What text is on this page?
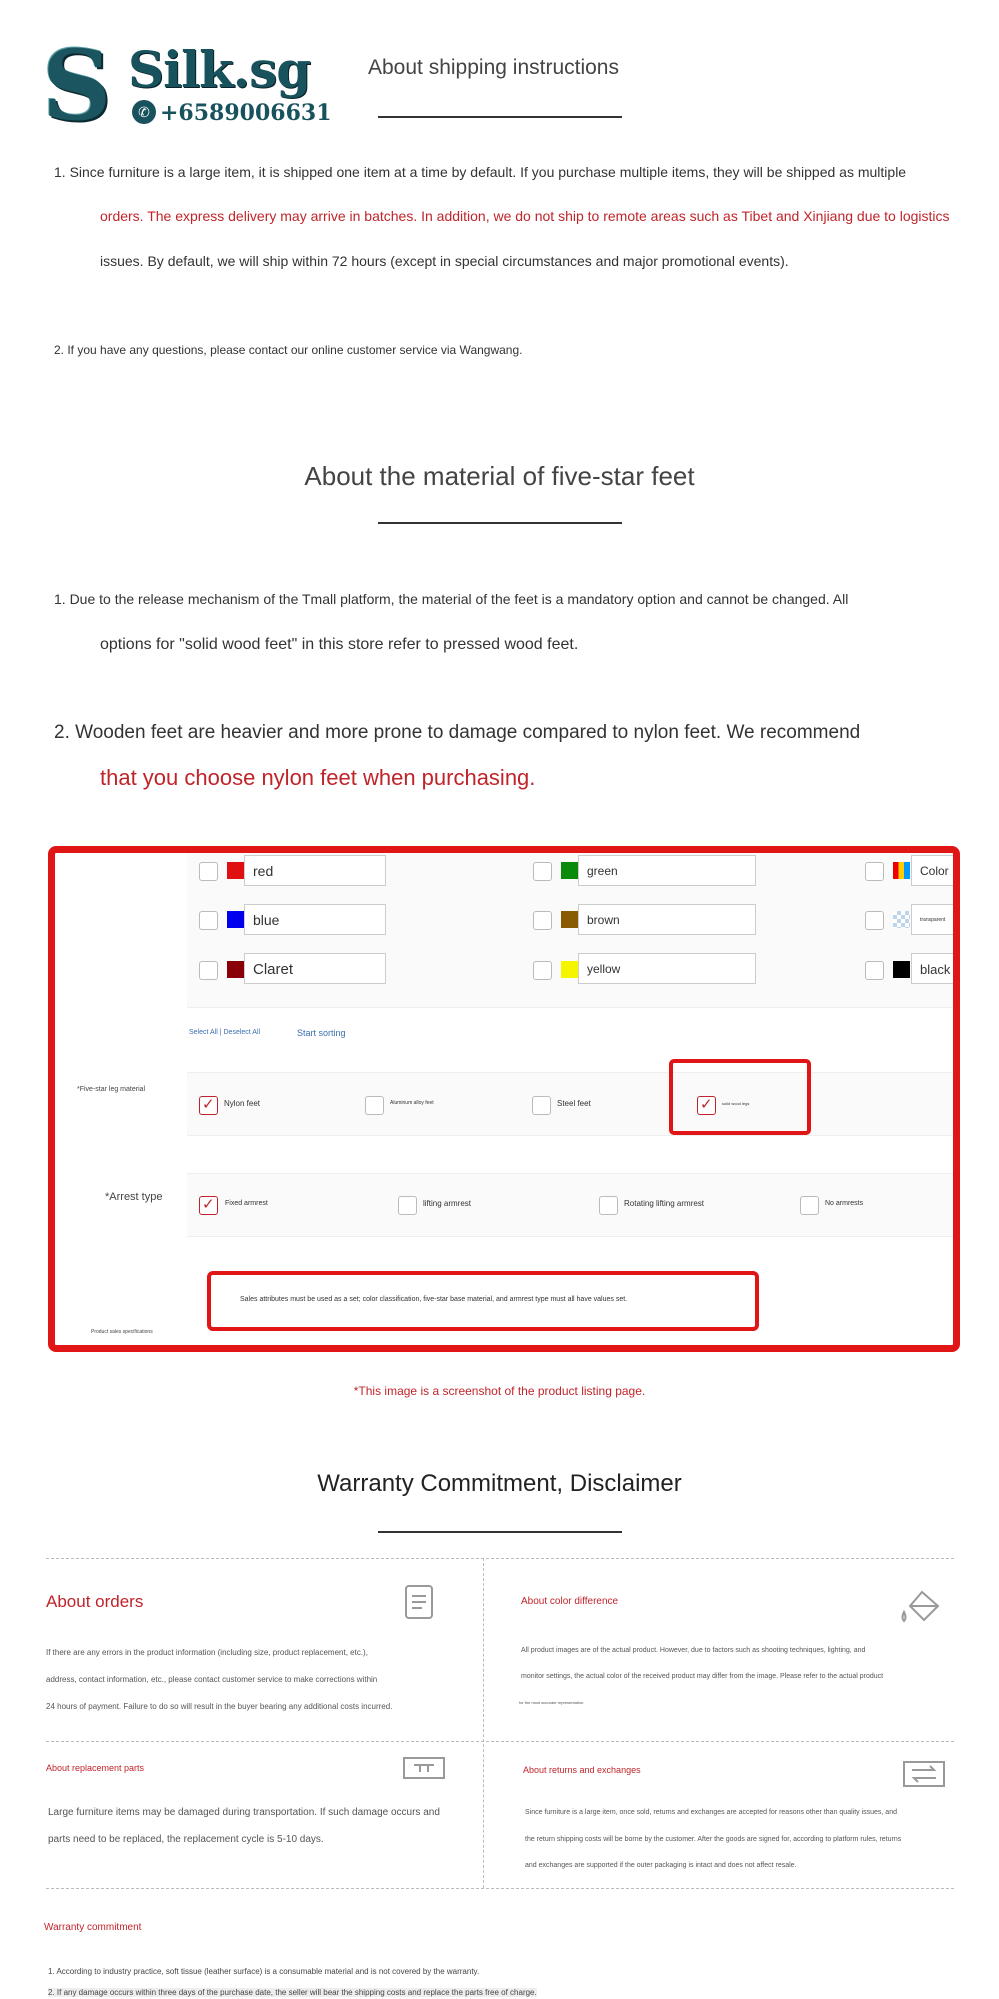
S Silk.sg
✆ +6589006631
About shipping instructions
1. Since furniture is a large item, it is shipped one item at a time by default. If you purchase multiple items, they will be shipped as multiple
orders. The express delivery may arrive in batches. In addition, we do not ship to remote areas such as Tibet and Xinjiang due to logistics
issues. By default, we will ship within 72 hours (except in special circumstances and major promotional events).
2. If you have any questions, please contact our online customer service via Wangwang.
About the material of five-star feet
1. Due to the release mechanism of the Tmall platform, the material of the feet is a mandatory option and cannot be changed. All
options for "solid wood feet" in this store refer to pressed wood feet.
2. Wooden feet are heavier and more prone to damage compared to nylon feet. We recommend
that you choose nylon feet when purchasing.
red	green	Color
blue	brown	transparent
Claret	yellow	black
Select All | Deselect All	Start sorting
*Five-star leg material
✓
Nylon feet	Aluminum alloy feet	Steel feet
✓	solid wood legs
*Arrest type
✓
Fixed armrest	lifting armrest	Rotating lifting armrest	No armrests
Sales attributes must be used as a set; color classification, five-star base material, and armrest type must all have values set.
Product sales specifications
*This image is a screenshot of the product listing page.
Warranty Commitment, Disclaimer
About orders
If there are any errors in the product information (including size, product replacement, etc.),
address, contact information, etc., please contact customer service to make corrections within
24 hours of payment. Failure to do so will result in the buyer bearing any additional costs incurred.
About color difference
All product images are of the actual product. However, due to factors such as shooting techniques, lighting, and
monitor settings, the actual color of the received product may differ from the image. Please refer to the actual product
for the most accurate representation.
About replacement parts
Large furniture items may be damaged during transportation. If such damage occurs and
parts need to be replaced, the replacement cycle is 5-10 days.
About returns and exchanges
Since furniture is a large item, once sold, returns and exchanges are accepted for reasons other than quality issues, and
the return shipping costs will be borne by the customer. After the goods are signed for, according to platform rules, returns
and exchanges are supported if the outer packaging is intact and does not affect resale.
Warranty commitment
1. According to industry practice, soft tissue (leather surface) is a consumable material and is not covered by the warranty.
2. If any damage occurs within three days of the purchase date, the seller will bear the shipping costs and replace the parts free of charge.
